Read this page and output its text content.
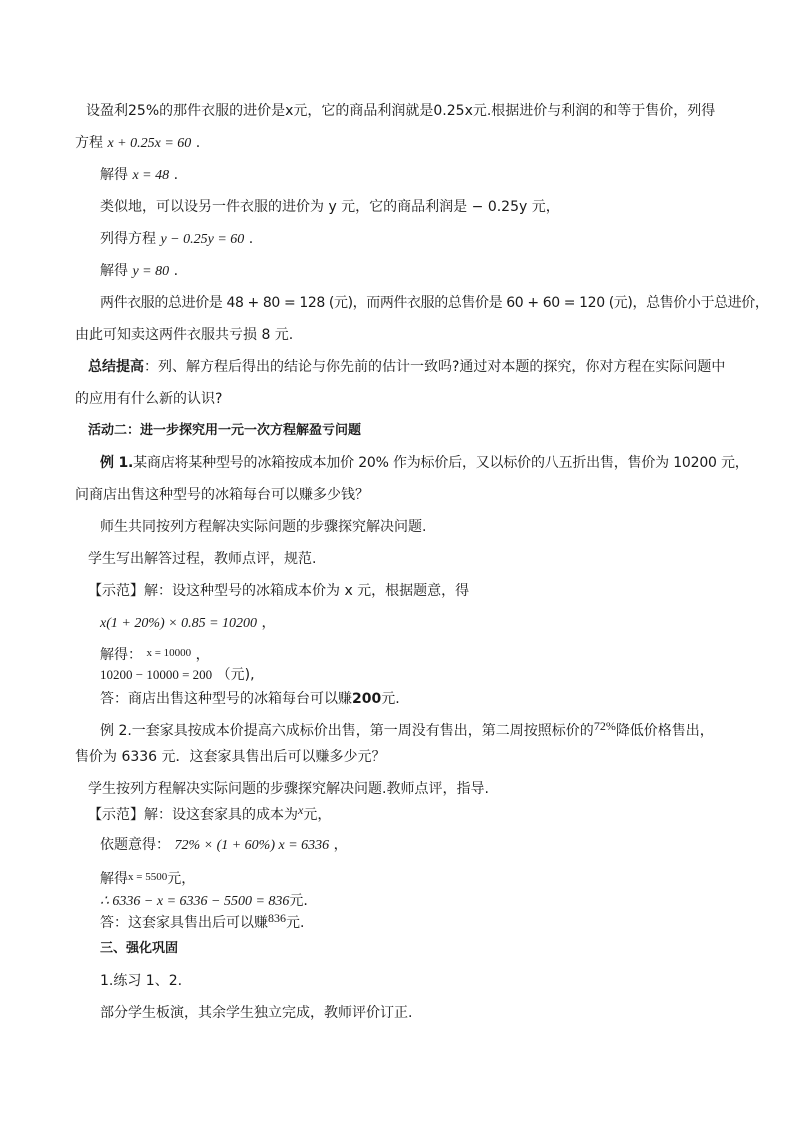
设盈利25%的那件衣服的进价是x元，它的商品利润就是0.25x元.根据进价与利润的和等于售价，列得
方程 x + 0.25x = 60 .
解得 x = 48 .
类似地，可以设另一件衣服的进价为 y 元，它的商品利润是 − 0.25y 元，
列得方程 y − 0.25y = 60 .
解得 y = 80 .
两件衣服的总进价是 48 + 80 = 128 (元)，而两件衣服的总售价是 60 + 60 = 120 (元)，总售价小于总进价，
由此可知卖这两件衣服共亏损 8 元.
总结提高：列、解方程后得出的结论与你先前的估计一致吗?通过对本题的探究，你对方程在实际问题中
的应用有什么新的认识?
活动二：进一步探究用一元一次方程解盈亏问题
例 1.某商店将某种型号的冰箱按成本加价 20% 作为标价后，又以标价的八五折出售，售价为 10200 元，
问商店出售这种型号的冰箱每台可以赚多少钱？
师生共同按列方程解决实际问题的步骤探究解决问题.
学生写出解答过程，教师点评，规范.
【示范】解：设这种型号的冰箱成本价为 x 元，根据题意，得
x(1 + 20%) × 0.85 = 10200 ，
解得： $^{x = 10000}$ ，
10200 − 10000 = 200 （元),
答：商店出售这种型号的冰箱每台可以赚200元.
例 2.一套家具按成本价提高六成标价出售，第一周没有售出，第二周按照标价的72%降低价格售出，
售价为 6336 元．这套家具售出后可以赚多少元？
学生按列方程解决实际问题的步骤探究解决问题.教师点评，指导.
【示范】解：设这套家具的成本为x元，
依题意得： 72% × (1 + 60%) x = 6336 ，
解得$^{x = 5500}$元，
∴ 6336 − x = 6336 − 5500 = 836元.
答：这套家具售出后可以赚836元.
三、强化巩固
1.练习 1、2.
部分学生板演，其余学生独立完成，教师评价订正.
